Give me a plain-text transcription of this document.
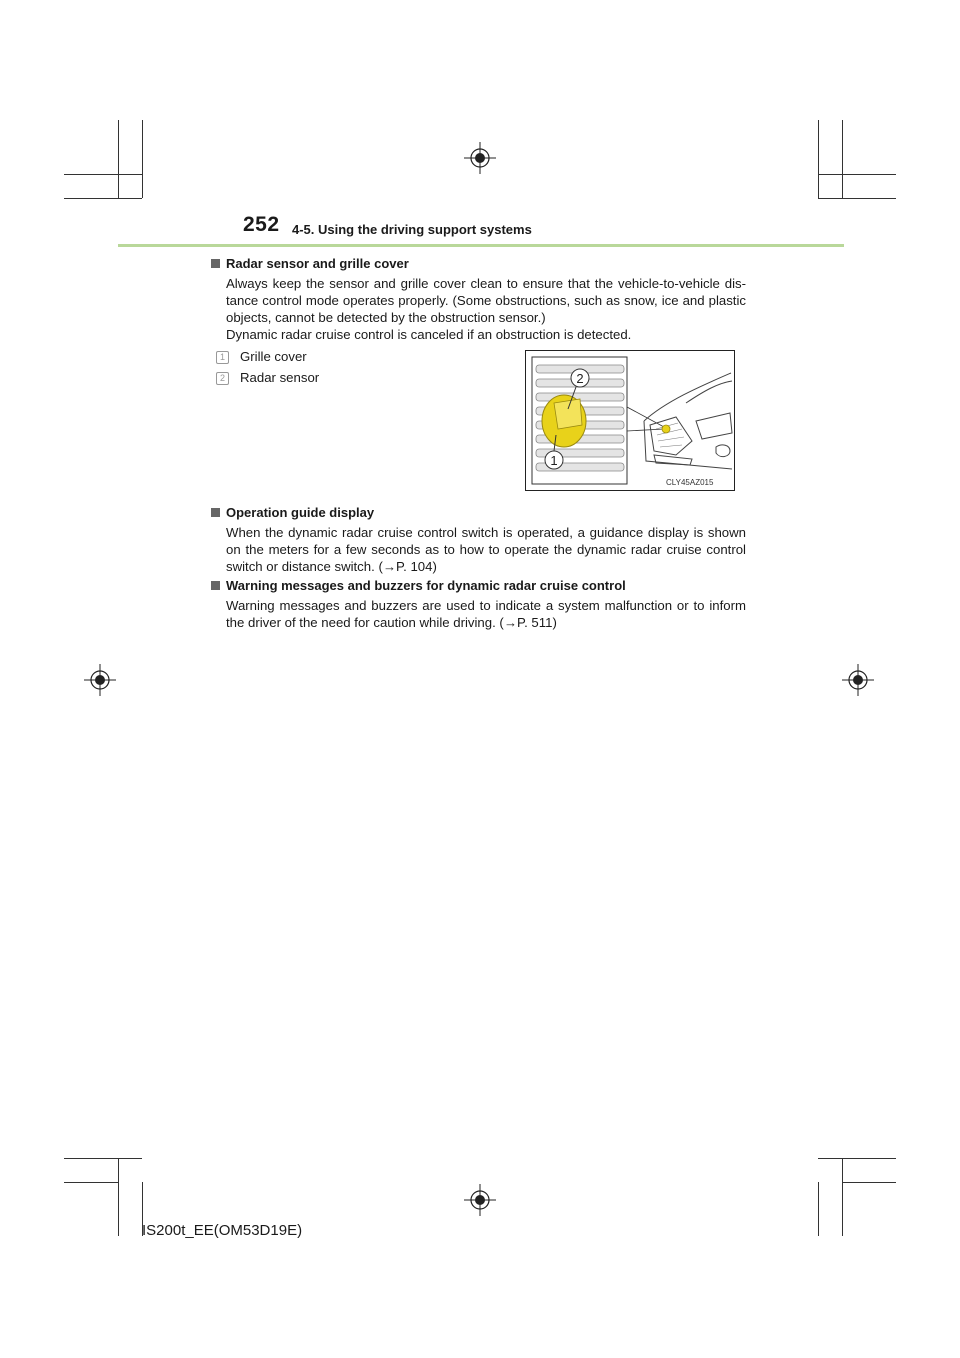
252 4-5. Using the driving support systems
Radar sensor and grille cover
Always keep the sensor and grille cover clean to ensure that the vehicle-to-vehicle dis-tance control mode operates properly. (Some obstructions, such as snow, ice and plastic objects, cannot be detected by the obstruction sensor.)
Dynamic radar cruise control is canceled if an obstruction is detected.
1	Grille cover
2	Radar sensor	2
1
CLY45AZ015
Operation guide display
When the dynamic radar cruise control switch is operated, a guidance display is shown on the meters for a few seconds as to how to operate the dynamic radar cruise control switch or distance switch. (→P. 104)
Warning messages and buzzers for dynamic radar cruise control
Warning messages and buzzers are used to indicate a system malfunction or to inform the driver of the need for caution while driving. (→P. 511)
IS200t_EE(OM53D19E)
